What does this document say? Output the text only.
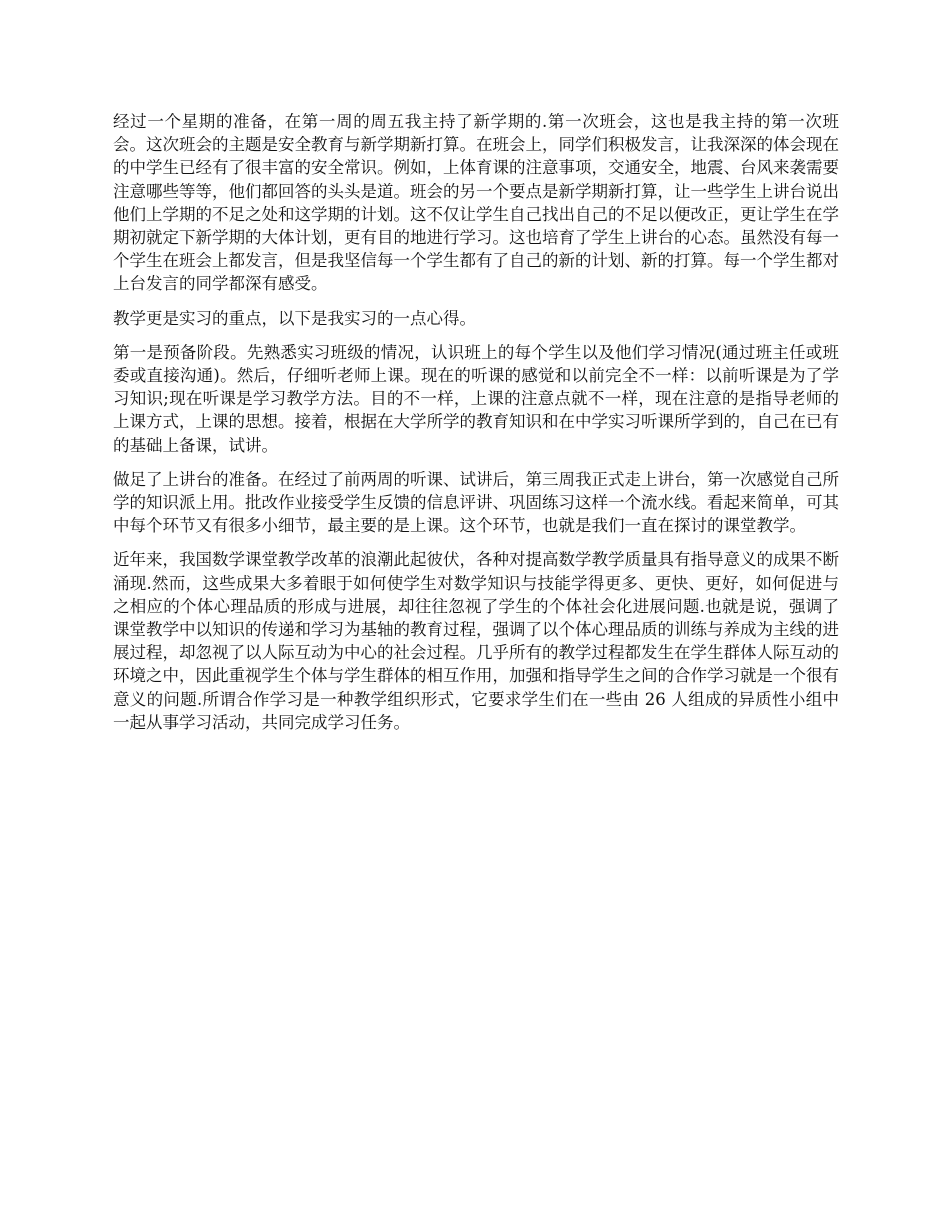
经过一个星期的准备，在第一周的周五我主持了新学期的.第一次班会，这也是我主持的第一次班会。这次班会的主题是安全教育与新学期新打算。在班会上，同学们积极发言，让我深深的体会现在的中学生已经有了很丰富的安全常识。例如，上体育课的注意事项，交通安全，地震、台风来袭需要注意哪些等等，他们都回答的头头是道。班会的另一个要点是新学期新打算，让一些学生上讲台说出他们上学期的不足之处和这学期的计划。这不仅让学生自己找出自己的不足以便改正，更让学生在学期初就定下新学期的大体计划，更有目的地进行学习。这也培育了学生上讲台的心态。虽然没有每一个学生在班会上都发言，但是我坚信每一个学生都有了自己的新的计划、新的打算。每一个学生都对上台发言的同学都深有感受。

教学更是实习的重点，以下是我实习的一点心得。

第一是预备阶段。先熟悉实习班级的情况，认识班上的每个学生以及他们学习情况(通过班主任或班委或直接沟通)。然后，仔细听老师上课。现在的听课的感觉和以前完全不一样：以前听课是为了学习知识;现在听课是学习教学方法。目的不一样，上课的注意点就不一样，现在注意的是指导老师的上课方式，上课的思想。接着，根据在大学所学的教育知识和在中学实习听课所学到的，自己在已有的基础上备课，试讲。

做足了上讲台的准备。在经过了前两周的听课、试讲后，第三周我正式走上讲台，第一次感觉自己所学的知识派上用。批改作业接受学生反馈的信息评讲、巩固练习这样一个流水线。看起来简单，可其中每个环节又有很多小细节，最主要的是上课。这个环节，也就是我们一直在探讨的课堂教学。

近年来，我国数学课堂教学改革的浪潮此起彼伏，各种对提高数学教学质量具有指导意义的成果不断涌现.然而，这些成果大多着眼于如何使学生对数学知识与技能学得更多、更快、更好，如何促进与之相应的个体心理品质的形成与进展，却往往忽视了学生的个体社会化进展问题.也就是说，强调了课堂教学中以知识的传递和学习为基轴的教育过程，强调了以个体心理品质的训练与养成为主线的进展过程，却忽视了以人际互动为中心的社会过程。几乎所有的教学过程都发生在学生群体人际互动的环境之中，因此重视学生个体与学生群体的相互作用，加强和指导学生之间的合作学习就是一个很有意义的问题.所谓合作学习是一种教学组织形式，它要求学生们在一些由 26 人组成的异质性小组中一起从事学习活动，共同完成学习任务。
